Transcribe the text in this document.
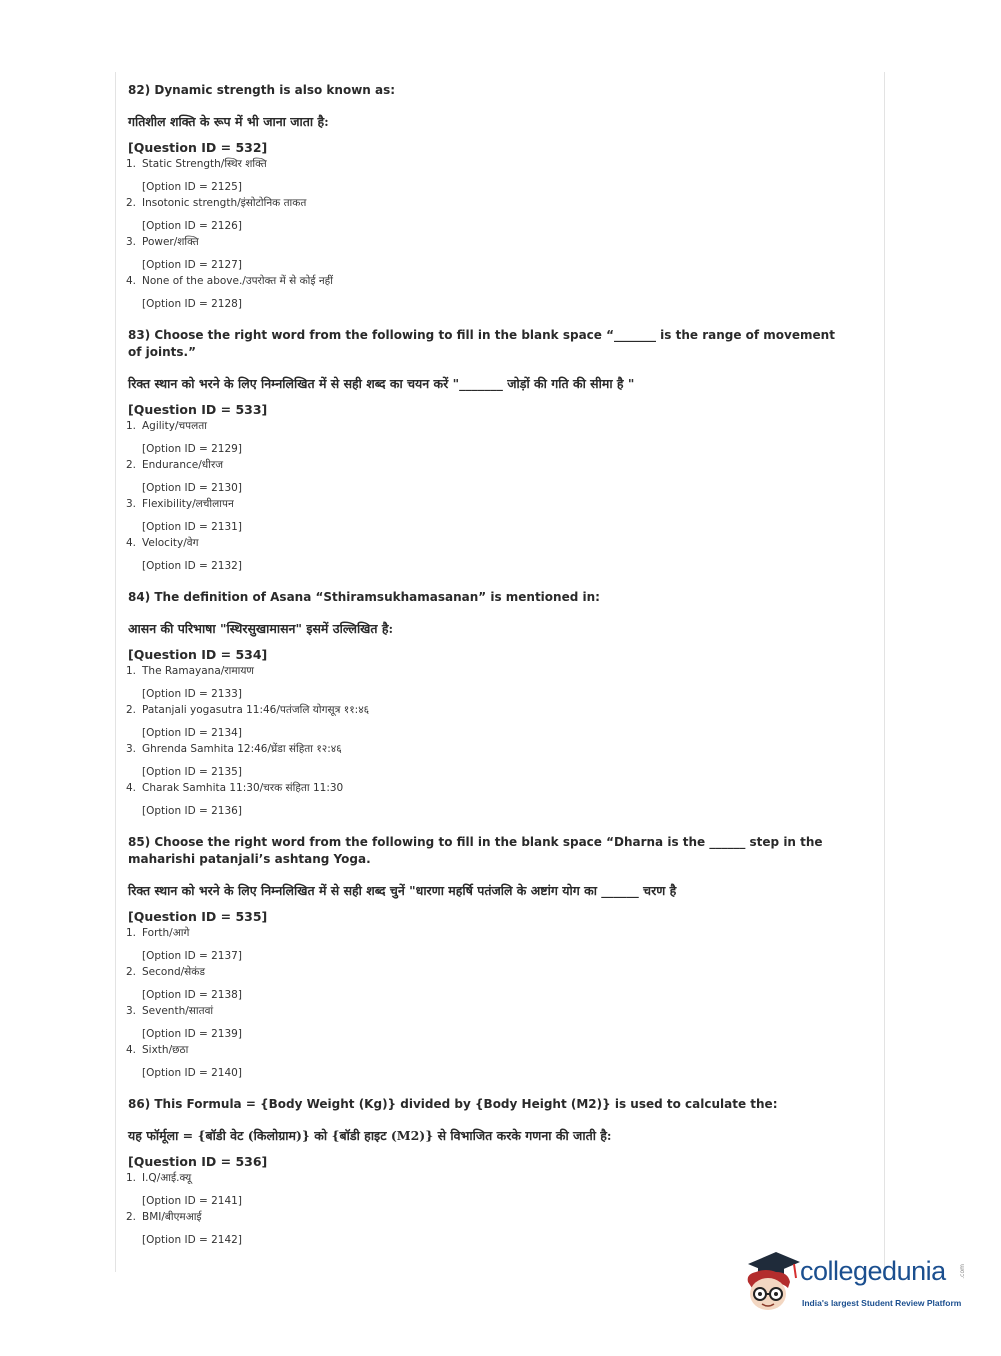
82) Dynamic strength is also known as:
गतिशील शक्ति के रूप में भी जाना जाता है:
[Question ID = 532]
1. Static Strength/स्थिर शक्ति
[Option ID = 2125]
2. Insotonic strength/इंसोटोनिक ताकत
[Option ID = 2126]
3. Power/शक्ति
[Option ID = 2127]
4. None of the above./उपरोक्त में से कोई नहीं
[Option ID = 2128]
83) Choose the right word from the following to fill in the blank space “_______ is the range of movement of joints.”
रिक्त स्थान को भरने के लिए निम्नलिखित में से सही शब्द का चयन करें "_______ जोड़ों की गति की सीमा है "
[Question ID = 533]
1. Agility/चपलता
[Option ID = 2129]
2. Endurance/धीरज
[Option ID = 2130]
3. Flexibility/लचीलापन
[Option ID = 2131]
4. Velocity/वेग
[Option ID = 2132]
84) The definition of Asana “Sthiramsukhamasanan” is mentioned in:
आसन की परिभाषा "स्थिरसुखामासन" इसमें उल्लिखित है:
[Question ID = 534]
1. The Ramayana/रामायण
[Option ID = 2133]
2. Patanjali yogasutra 11:46/पतंजलि योगसूत्र ११:४६
[Option ID = 2134]
3. Ghrenda Samhita 12:46/घ्रेंडा संहिता १२:४६
[Option ID = 2135]
4. Charak Samhita 11:30/चरक संहिता 11:30
[Option ID = 2136]
85) Choose the right word from the following to fill in the blank space “Dharna is the ______ step in the maharishi patanjali’s ashtang Yoga.
रिक्त स्थान को भरने के लिए निम्नलिखित में से सही शब्द चुनें "धारणा महर्षि पतंजलि के अष्टांग योग का ______ चरण है
[Question ID = 535]
1. Forth/आगे
[Option ID = 2137]
2. Second/सेकंड
[Option ID = 2138]
3. Seventh/सातवां
[Option ID = 2139]
4. Sixth/छठा
[Option ID = 2140]
86) This Formula = {Body Weight (Kg)} divided by {Body Height (M2)} is used to calculate the:
यह फॉर्मूला = {बॉडी वेट (किलोग्राम)} को {बॉडी हाइट (M2)} से विभाजित करके गणना की जाती है:
[Question ID = 536]
1. I.Q/आई.क्यू
[Option ID = 2141]
2. BMI/बीएमआई
[Option ID = 2142]
collegedunia .com
India's largest Student Review Platform
